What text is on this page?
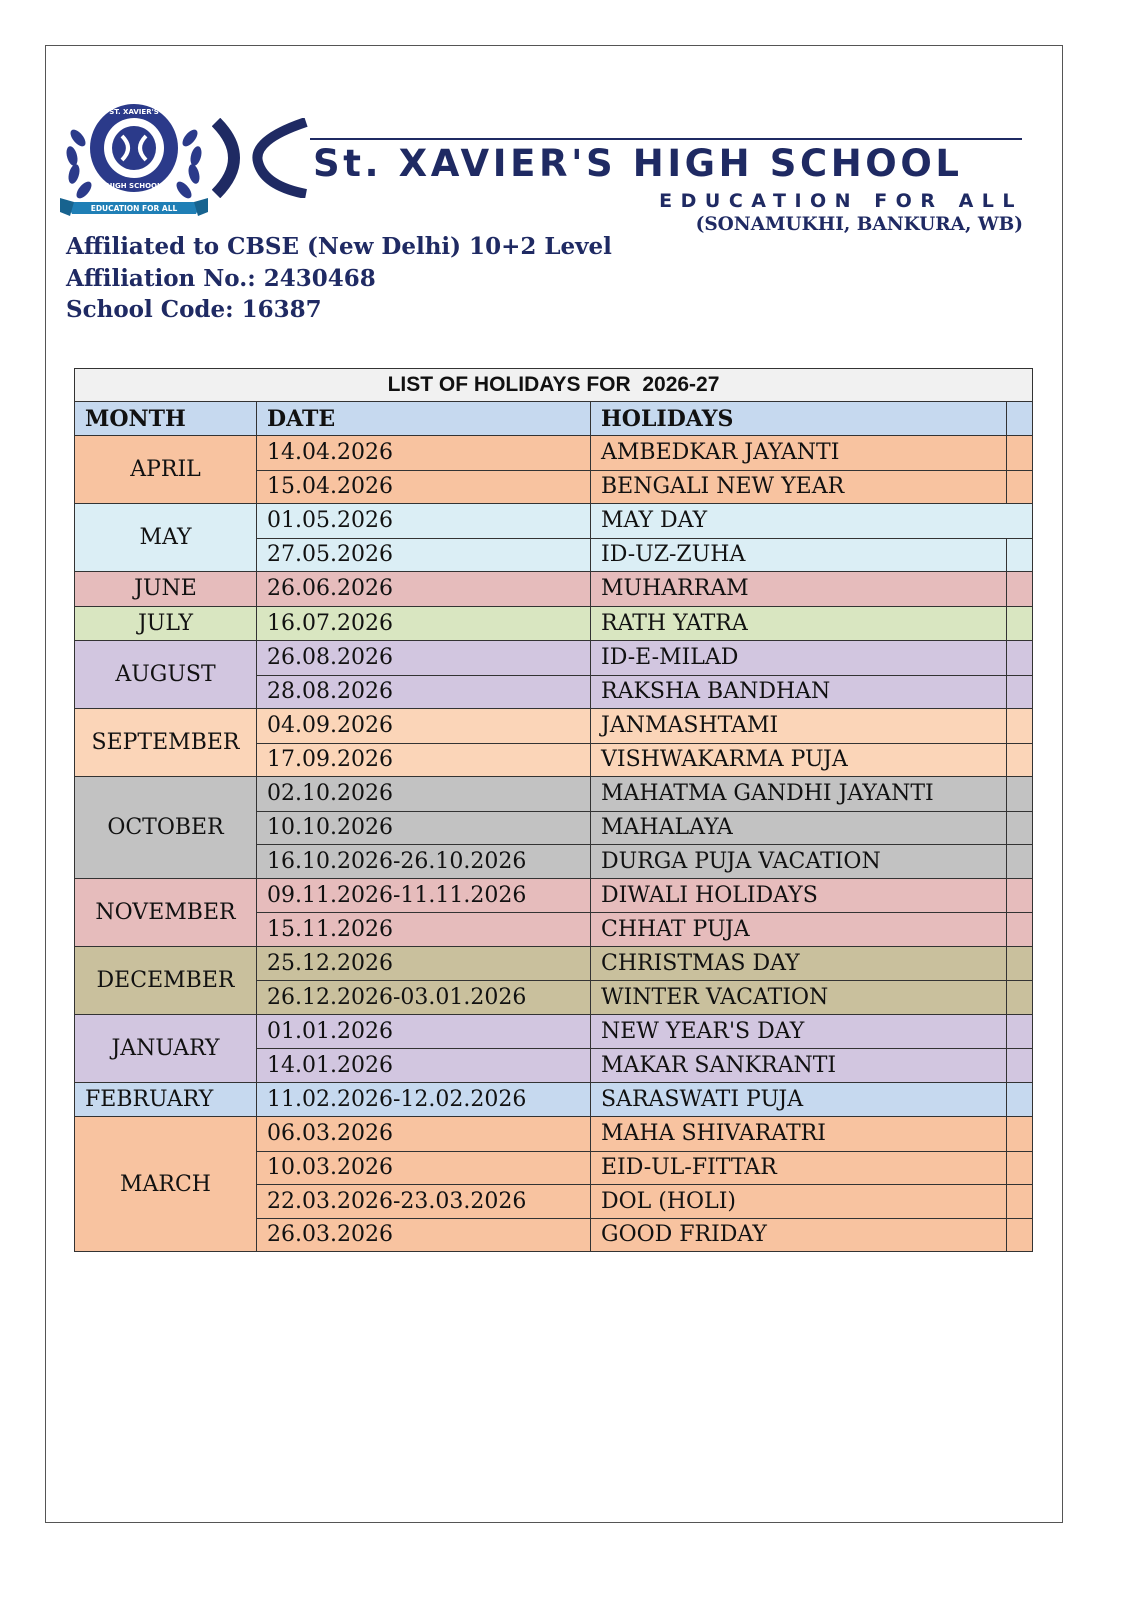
EDUCATION FOR ALL
ST. XAVIER'S
HIGH SCHOOL
St. XAVIER'S HIGH SCHOOL
EDUCATION FOR ALL
(SONAMUKHI, BANKURA, WB)
Affiliated to CBSE (New Delhi) 10+2 Level
Affiliation No.: 2430468
School Code: 16387
LIST OF HOLIDAYS FOR  2026-27
MONTH	DATE	HOLIDAYS
APRIL
14.04.2026	AMBEDKAR JAYANTI
15.04.2026	BENGALI NEW YEAR
MAY
01.05.2026	MAY DAY
27.05.2026	ID-UZ-ZUHA
JUNE	26.06.2026	MUHARRAM
JULY	16.07.2026	RATH YATRA
AUGUST
26.08.2026	ID-E-MILAD
28.08.2026	RAKSHA BANDHAN
SEPTEMBER
04.09.2026	JANMASHTAMI
17.09.2026	VISHWAKARMA PUJA
OCTOBER
02.10.2026	MAHATMA GANDHI JAYANTI
10.10.2026	MAHALAYA
16.10.2026-26.10.2026	DURGA PUJA VACATION
NOVEMBER
09.11.2026-11.11.2026	DIWALI HOLIDAYS
15.11.2026	CHHAT PUJA
DECEMBER
25.12.2026	CHRISTMAS DAY
26.12.2026-03.01.2026	WINTER VACATION
JANUARY
01.01.2026	NEW YEAR'S DAY
14.01.2026	MAKAR SANKRANTI
FEBRUARY	11.02.2026-12.02.2026	SARASWATI PUJA
MARCH
06.03.2026	MAHA SHIVARATRI
10.03.2026	EID-UL-FITTAR
22.03.2026-23.03.2026	DOL (HOLI)
26.03.2026	GOOD FRIDAY
